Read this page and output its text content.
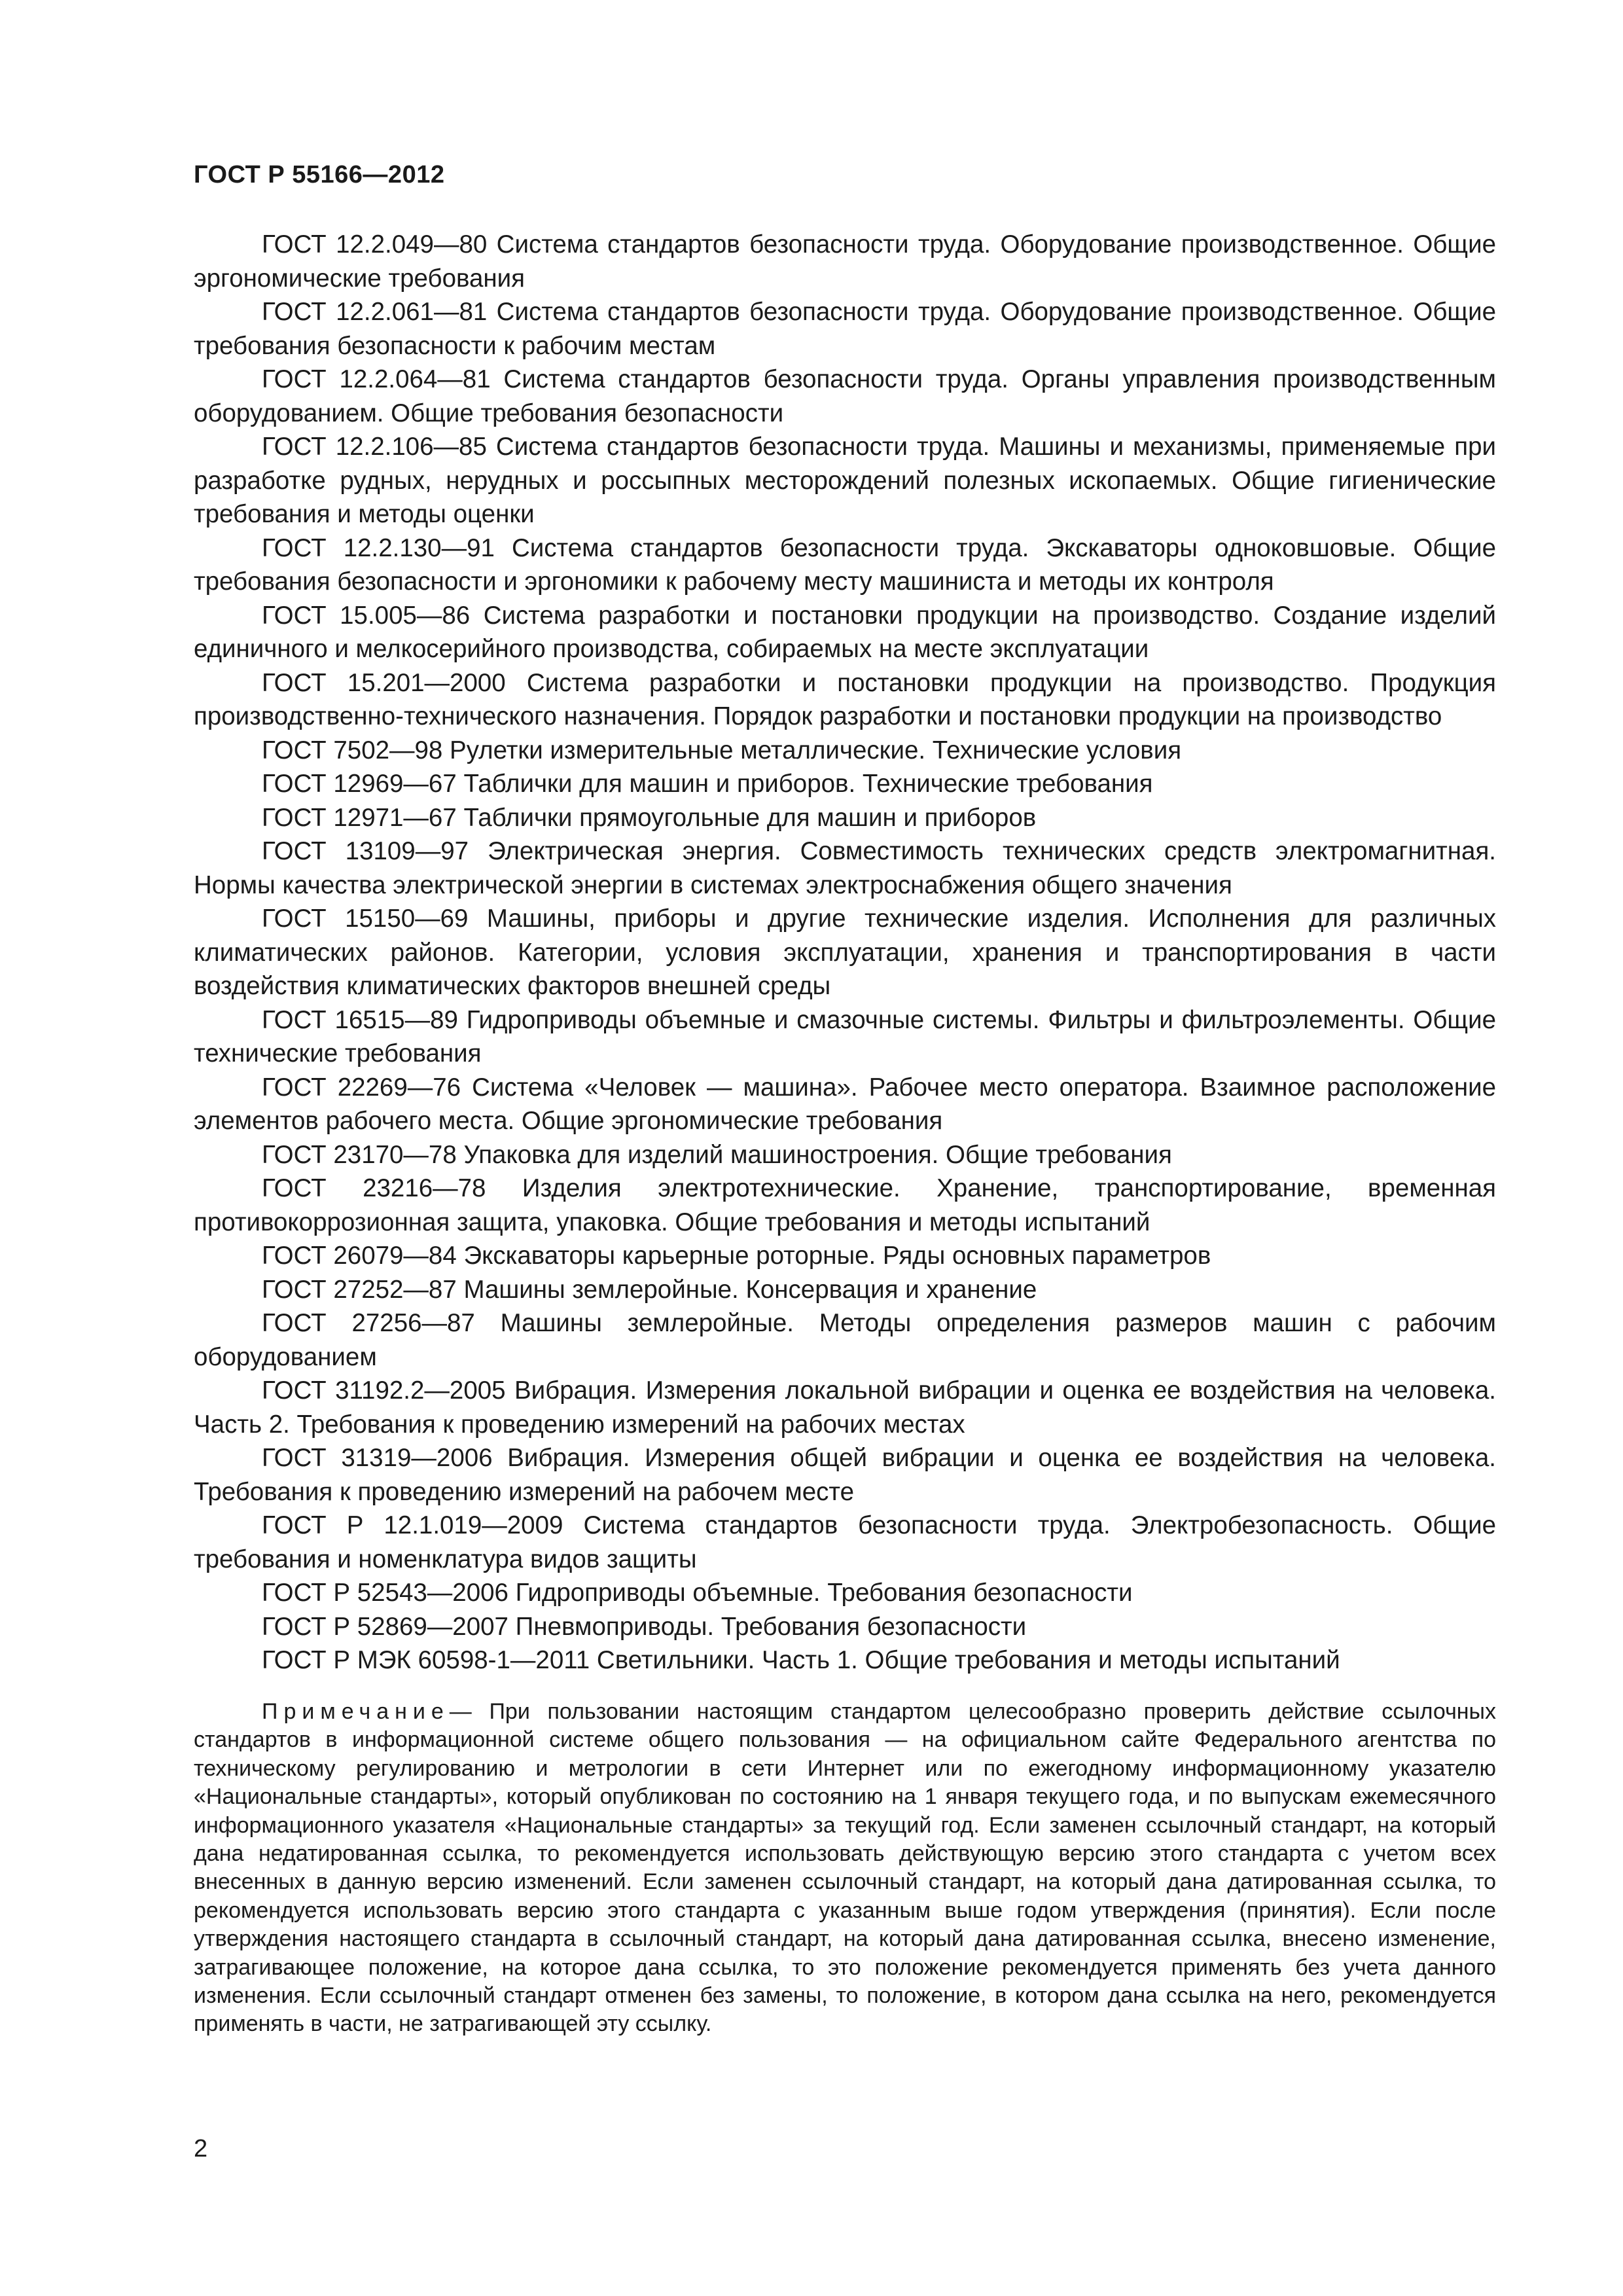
ГОСТ Р 55166—2012

ГОСТ 12.2.049—80 Система стандартов безопасности труда. Оборудование производственное. Общие эргономические требования

ГОСТ 12.2.061—81 Система стандартов безопасности труда. Оборудование производственное. Общие требования безопасности к рабочим местам

ГОСТ 12.2.064—81 Система стандартов безопасности труда. Органы управления производственным оборудованием. Общие требования безопасности

ГОСТ 12.2.106—85 Система стандартов безопасности труда. Машины и механизмы, применяемые при разработке рудных, нерудных и россыпных месторождений полезных ископаемых. Общие гигиенические требования и методы оценки

ГОСТ 12.2.130—91 Система стандартов безопасности труда. Экскаваторы одноковшовые. Общие требования безопасности и эргономики к рабочему месту машиниста и методы их контроля

ГОСТ 15.005—86 Система разработки и постановки продукции на производство. Создание изделий единичного и мелкосерийного производства, собираемых на месте эксплуатации

ГОСТ 15.201—2000 Система разработки и постановки продукции на производство. Продукция производственно-технического назначения. Порядок разработки и постановки продукции на производство

ГОСТ 7502—98 Рулетки измерительные металлические. Технические условия

ГОСТ 12969—67 Таблички для машин и приборов. Технические требования

ГОСТ 12971—67 Таблички прямоугольные для машин и приборов

ГОСТ 13109—97 Электрическая энергия. Совместимость технических средств электромагнитная. Нормы качества электрической энергии в системах электроснабжения общего значения

ГОСТ 15150—69 Машины, приборы и другие технические изделия. Исполнения для различных климатических районов. Категории, условия эксплуатации, хранения и транспортирования в части воздействия климатических факторов внешней среды

ГОСТ 16515—89 Гидроприводы объемные и смазочные системы. Фильтры и фильтроэлементы. Общие технические требования

ГОСТ 22269—76 Система «Человек — машина». Рабочее место оператора. Взаимное расположение элементов рабочего места. Общие эргономические требования

ГОСТ 23170—78 Упаковка для изделий машиностроения. Общие требования

ГОСТ 23216—78 Изделия электротехнические. Хранение, транспортирование, временная противокоррозионная защита, упаковка. Общие требования и методы испытаний

ГОСТ 26079—84 Экскаваторы карьерные роторные. Ряды основных параметров

ГОСТ 27252—87 Машины землеройные. Консервация и хранение

ГОСТ 27256—87 Машины землеройные. Методы определения размеров машин с рабочим оборудованием

ГОСТ 31192.2—2005 Вибрация. Измерения локальной вибрации и оценка ее воздействия на человека. Часть 2. Требования к проведению измерений на рабочих местах

ГОСТ 31319—2006 Вибрация. Измерения общей вибрации и оценка ее воздействия на человека. Требования к проведению измерений на рабочем месте

ГОСТ Р 12.1.019—2009 Система стандартов безопасности труда. Электробезопасность. Общие требования и номенклатура видов защиты

ГОСТ Р 52543—2006 Гидроприводы объемные. Требования безопасности

ГОСТ Р 52869—2007 Пневмоприводы. Требования безопасности

ГОСТ Р МЭК 60598-1—2011 Светильники. Часть 1. Общие требования и методы испытаний

Примечание— При пользовании настоящим стандартом целесообразно проверить действие ссылочных стандартов в информационной системе общего пользования — на официальном сайте Федерального агентства по техническому регулированию и метрологии в сети Интернет или по ежегодному информационному указателю «Национальные стандарты», который опубликован по состоянию на 1 января текущего года, и по выпускам ежемесячного информационного указателя «Национальные стандарты» за текущий год. Если заменен ссылочный стандарт, на который дана недатированная ссылка, то рекомендуется использовать действующую версию этого стандарта с учетом всех внесенных в данную версию изменений. Если заменен ссылочный стандарт, на который дана датированная ссылка, то рекомендуется использовать версию этого стандарта с указанным выше годом утверждения (принятия). Если после утверждения настоящего стандарта в ссылочный стандарт, на который дана датированная ссылка, внесено изменение, затрагивающее положение, на которое дана ссылка, то это положение рекомендуется применять без учета данного изменения. Если ссылочный стандарт отменен без замены, то положение, в котором дана ссылка на него, рекомендуется применять в части, не затрагивающей эту ссылку.

2
